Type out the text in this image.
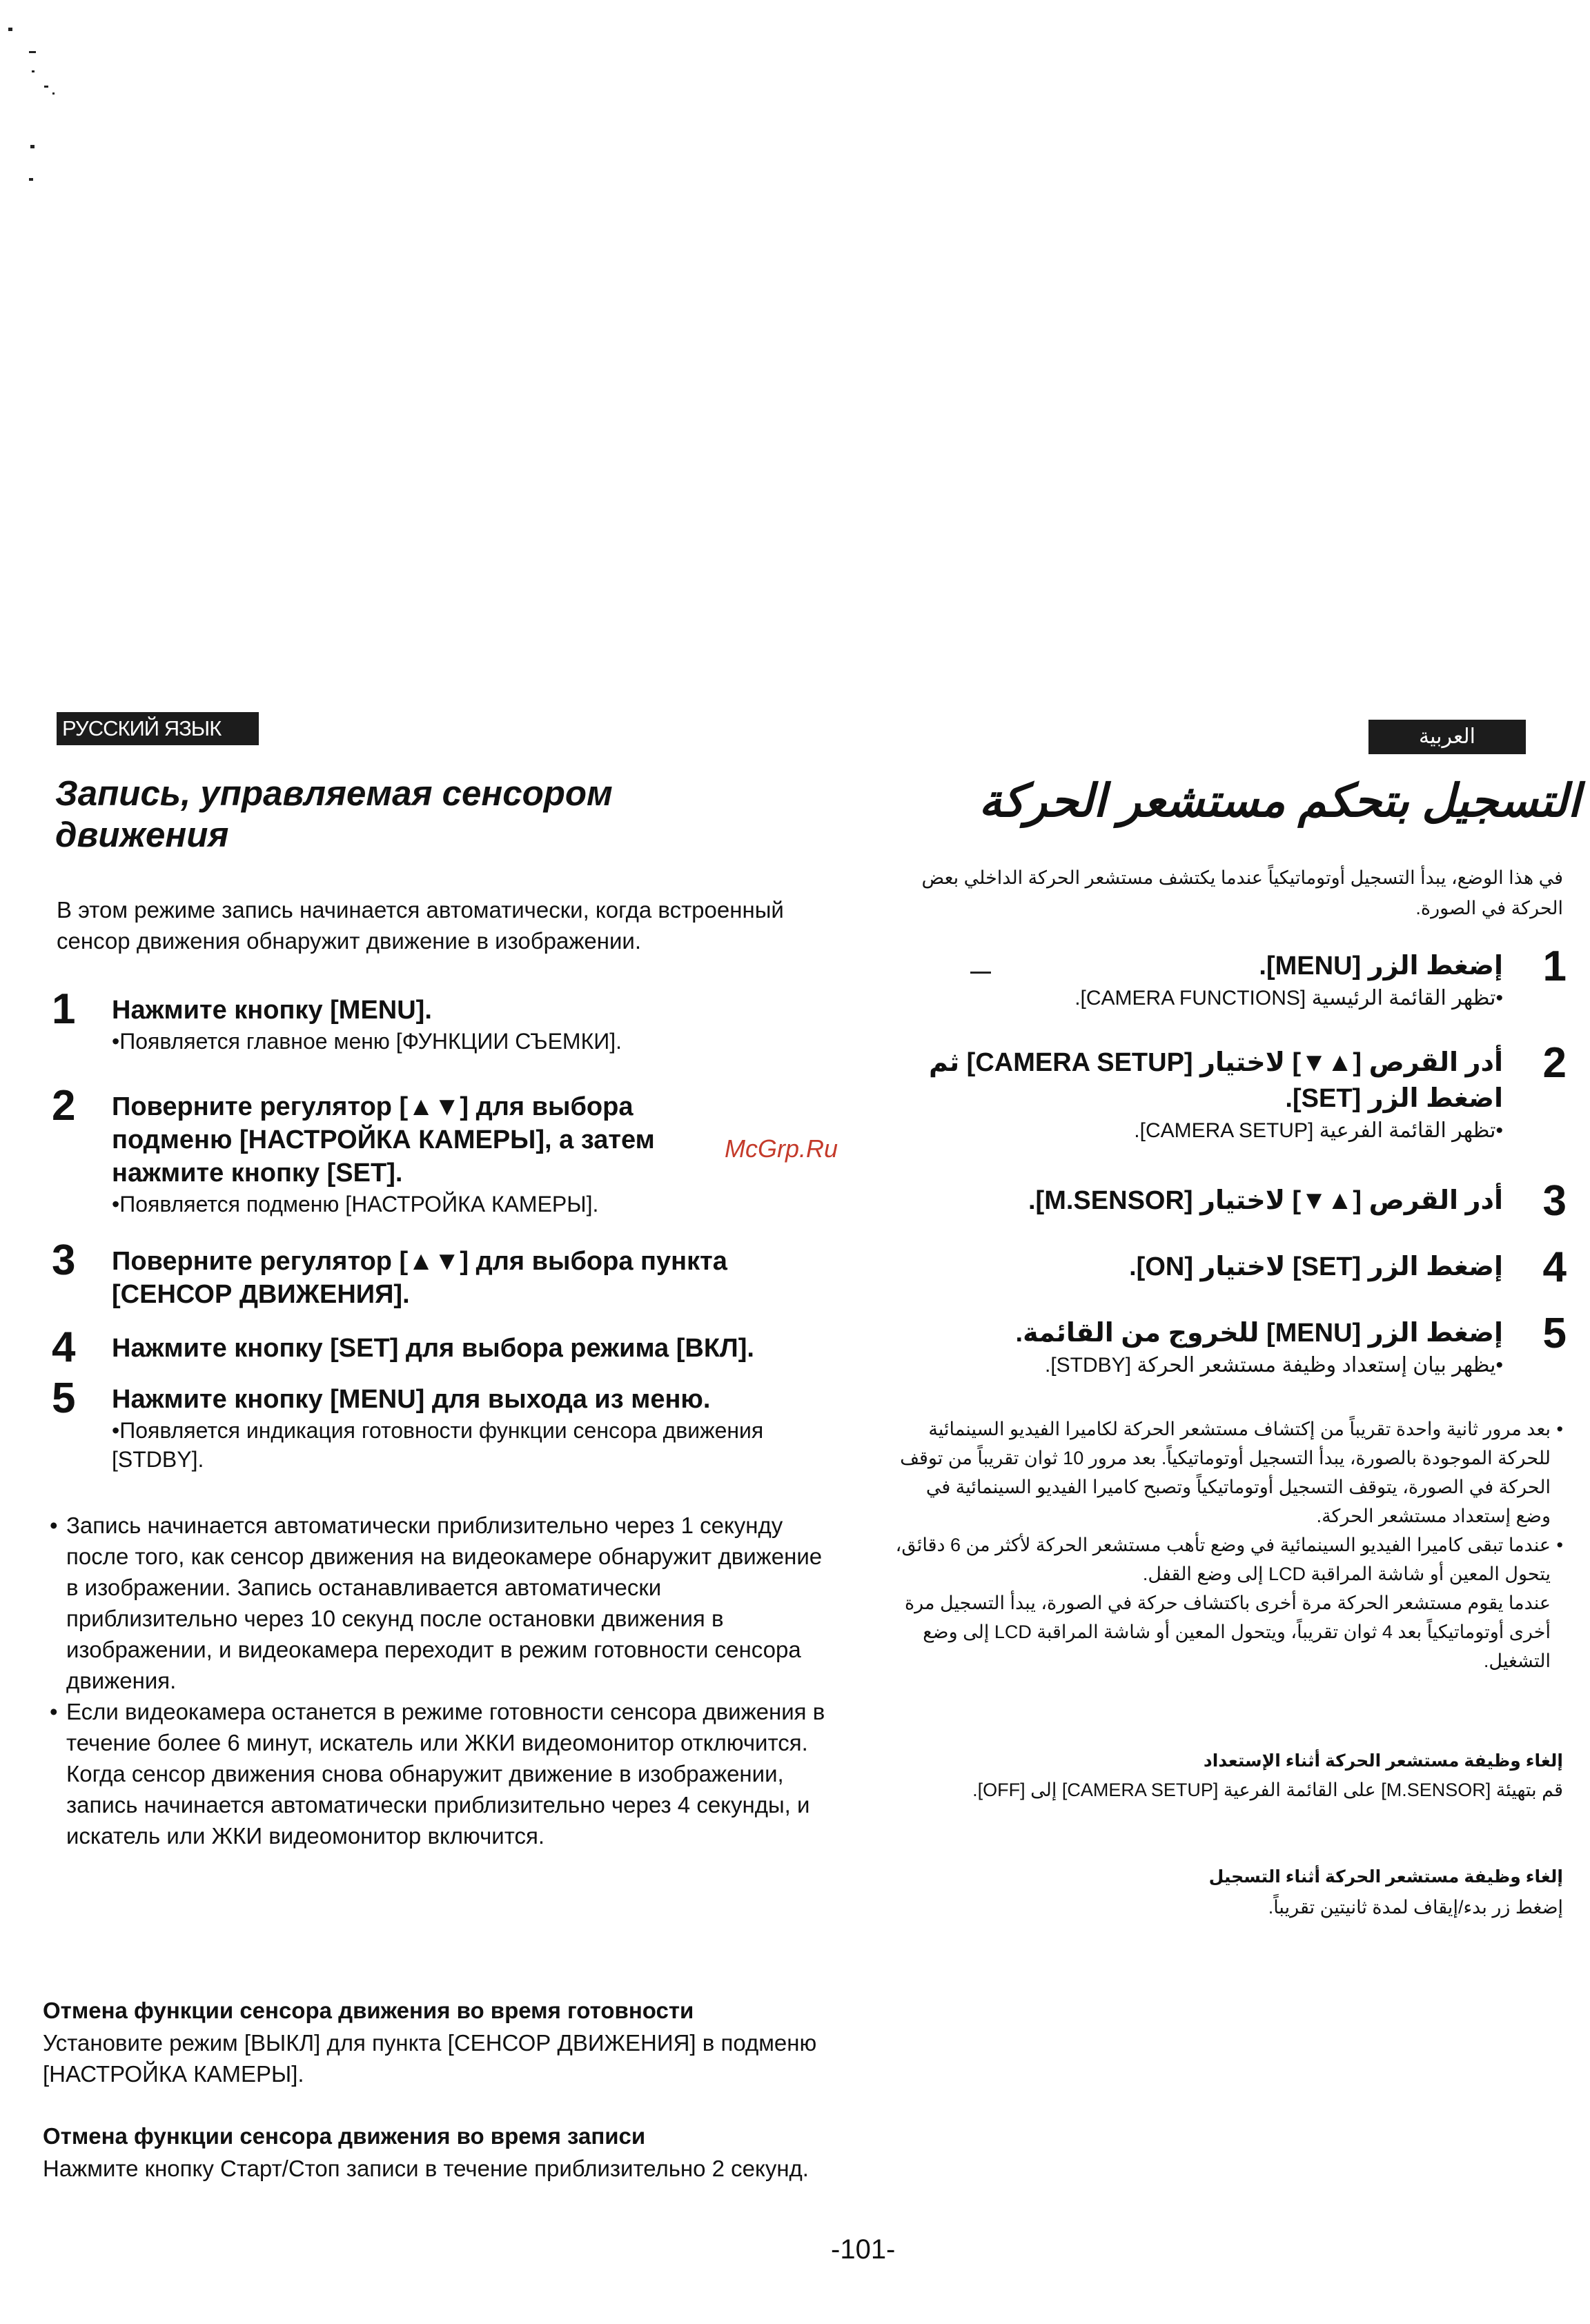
РУССКИЙ ЯЗЫК
Запись, управляемая сенсором движения
В этом режиме запись начинается автоматически, когда встроенный сенсор движения обнаружит движение в изображении.
1 Нажмите кнопку [MENU].
•Появляется главное меню [ФУНКЦИИ СЪЕМКИ].
2 Поверните регулятор [▲▼] для выбора подменю [НАСТРОЙКА КАМЕРЫ], а затем нажмите кнопку [SET].
•Появляется подменю [НАСТРОЙКА КАМЕРЫ].
3 Поверните регулятор [▲▼] для выбора пункта [СЕНСОР ДВИЖЕНИЯ].
4 Нажмите кнопку [SET] для выбора режима [ВКЛ].
5 Нажмите кнопку [MENU] для выхода из меню.
•Появляется индикация готовности функции сенсора движения [STDBY].
• Запись начинается автоматически приблизительно через 1 секунду после того, как сенсор движения на видеокамере обнаружит движение в изображении. Запись останавливается автоматически приблизительно через 10 секунд после остановки движения в изображении, и видеокамера переходит в режим готовности сенсора движения.
• Если видеокамера останется в режиме готовности сенсора движения в течение более 6 минут, искатель или ЖКИ видеомонитор отключится.
Когда сенсор движения снова обнаружит движение в изображении, запись начинается автоматически приблизительно через 4 секунды, и искатель или ЖКИ видеомонитор включится.
Отмена функции сенсора движения во время готовности
Установите режим [ВЫКЛ] для пункта [СЕНСОР ДВИЖЕНИЯ] в подменю [НАСТРОЙКА КАМЕРЫ].
Отмена функции сенсора движения во время записи
Нажмите кнопку Старт/Стоп записи в течение приблизительно 2 секунд.
McGrp.Ru
العربية
التسجيل بتحكم مستشعر الحركة
في هذا الوضع، يبدأ التسجيل أوتوماتيكياً عندما يكتشف مستشعر الحركة الداخلي بعض الحركة في الصورة.
1
إضغط الزر [MENU].
•تظهر القائمة الرئيسية [CAMERA FUNCTIONS].
2
أدر القرص [▲▼] لاختيار [CAMERA SETUP] ثم اضغط الزر [SET].
•تظهر القائمة الفرعية [CAMERA SETUP].
3
أدر القرص [▲▼] لاختيار [M.SENSOR].
4
إضغط الزر [SET] لاختيار [ON].
5
إضغط الزر [MENU] للخروج من القائمة.
•يظهر بيان إستعداد وظيفة مستشعر الحركة [STDBY].
• بعد مرور ثانية واحدة تقريباً من إكتشاف مستشعر الحركة لكاميرا الفيديو السينمائية للحركة الموجودة بالصورة، يبدأ التسجيل أوتوماتيكياً. بعد مرور 10 ثوان تقريباً من توقف الحركة في الصورة، يتوقف التسجيل أوتوماتيكياً وتصبح كاميرا الفيديو السينمائية في وضع إستعداد مستشعر الحركة.
• عندما تبقى كاميرا الفيديو السينمائية في وضع تأهب مستشعر الحركة لأكثر من 6 دقائق، يتحول المعين أو شاشة المراقبة LCD إلى وضع القفل.
عندما يقوم مستشعر الحركة مرة أخرى باكتشاف حركة في الصورة، يبدأ التسجيل مرة أخرى أوتوماتيكياً بعد 4 ثوان تقريباً، ويتحول المعين أو شاشة المراقبة LCD إلى وضع التشغيل.
إلغاء وظيفة مستشعر الحركة أثناء الإستعداد
قم بتهيئة [M.SENSOR] على القائمة الفرعية [CAMERA SETUP] إلى [OFF].
إلغاء وظيفة مستشعر الحركة أثناء التسجيل
إضغط زر بدء/إيقاف لمدة ثانيتين تقريباً.
-101-
